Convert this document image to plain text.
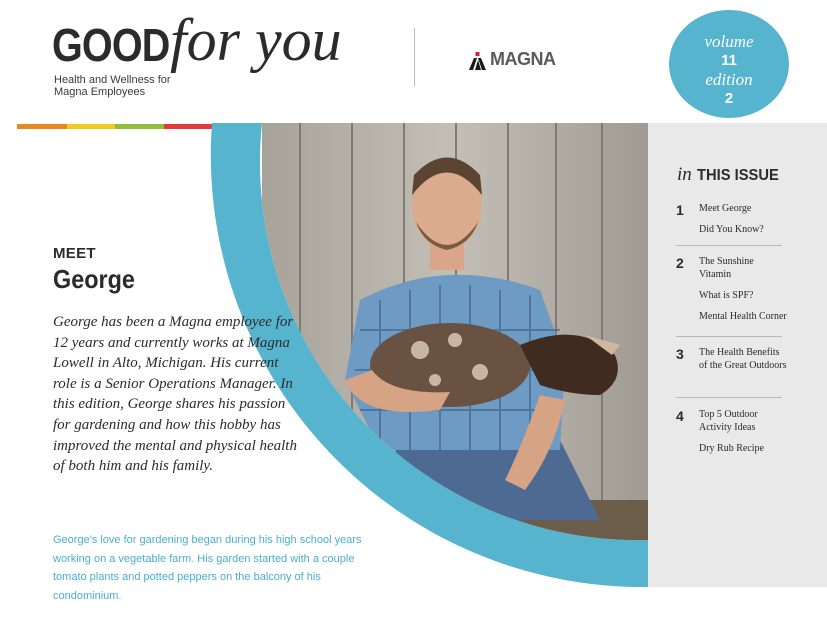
GOOD for you
Health and Wellness for Magna Employees
MAGNA
volume
11
edition
2
MEET
George
George has been a Magna employee for 12 years and currently works at Magna Lowell in Alto, Michigan. His current role is a Senior Operations Manager. In this edition, George shares his passion for gardening and how this hobby has improved the mental and physical health of both him and his family.
George's love for gardening began during his high school years working on a vegetable farm. His garden started with a couple tomato plants and potted peppers on the balcony of his condominium.
in THIS ISSUE
1 Meet George
Did You Know?
2 The Sunshine Vitamin
What is SPF?
Mental Health Corner
3 The Health Benefits of the Great Outdoors
4 Top 5 Outdoor Activity Ideas
Dry Rub Recipe
